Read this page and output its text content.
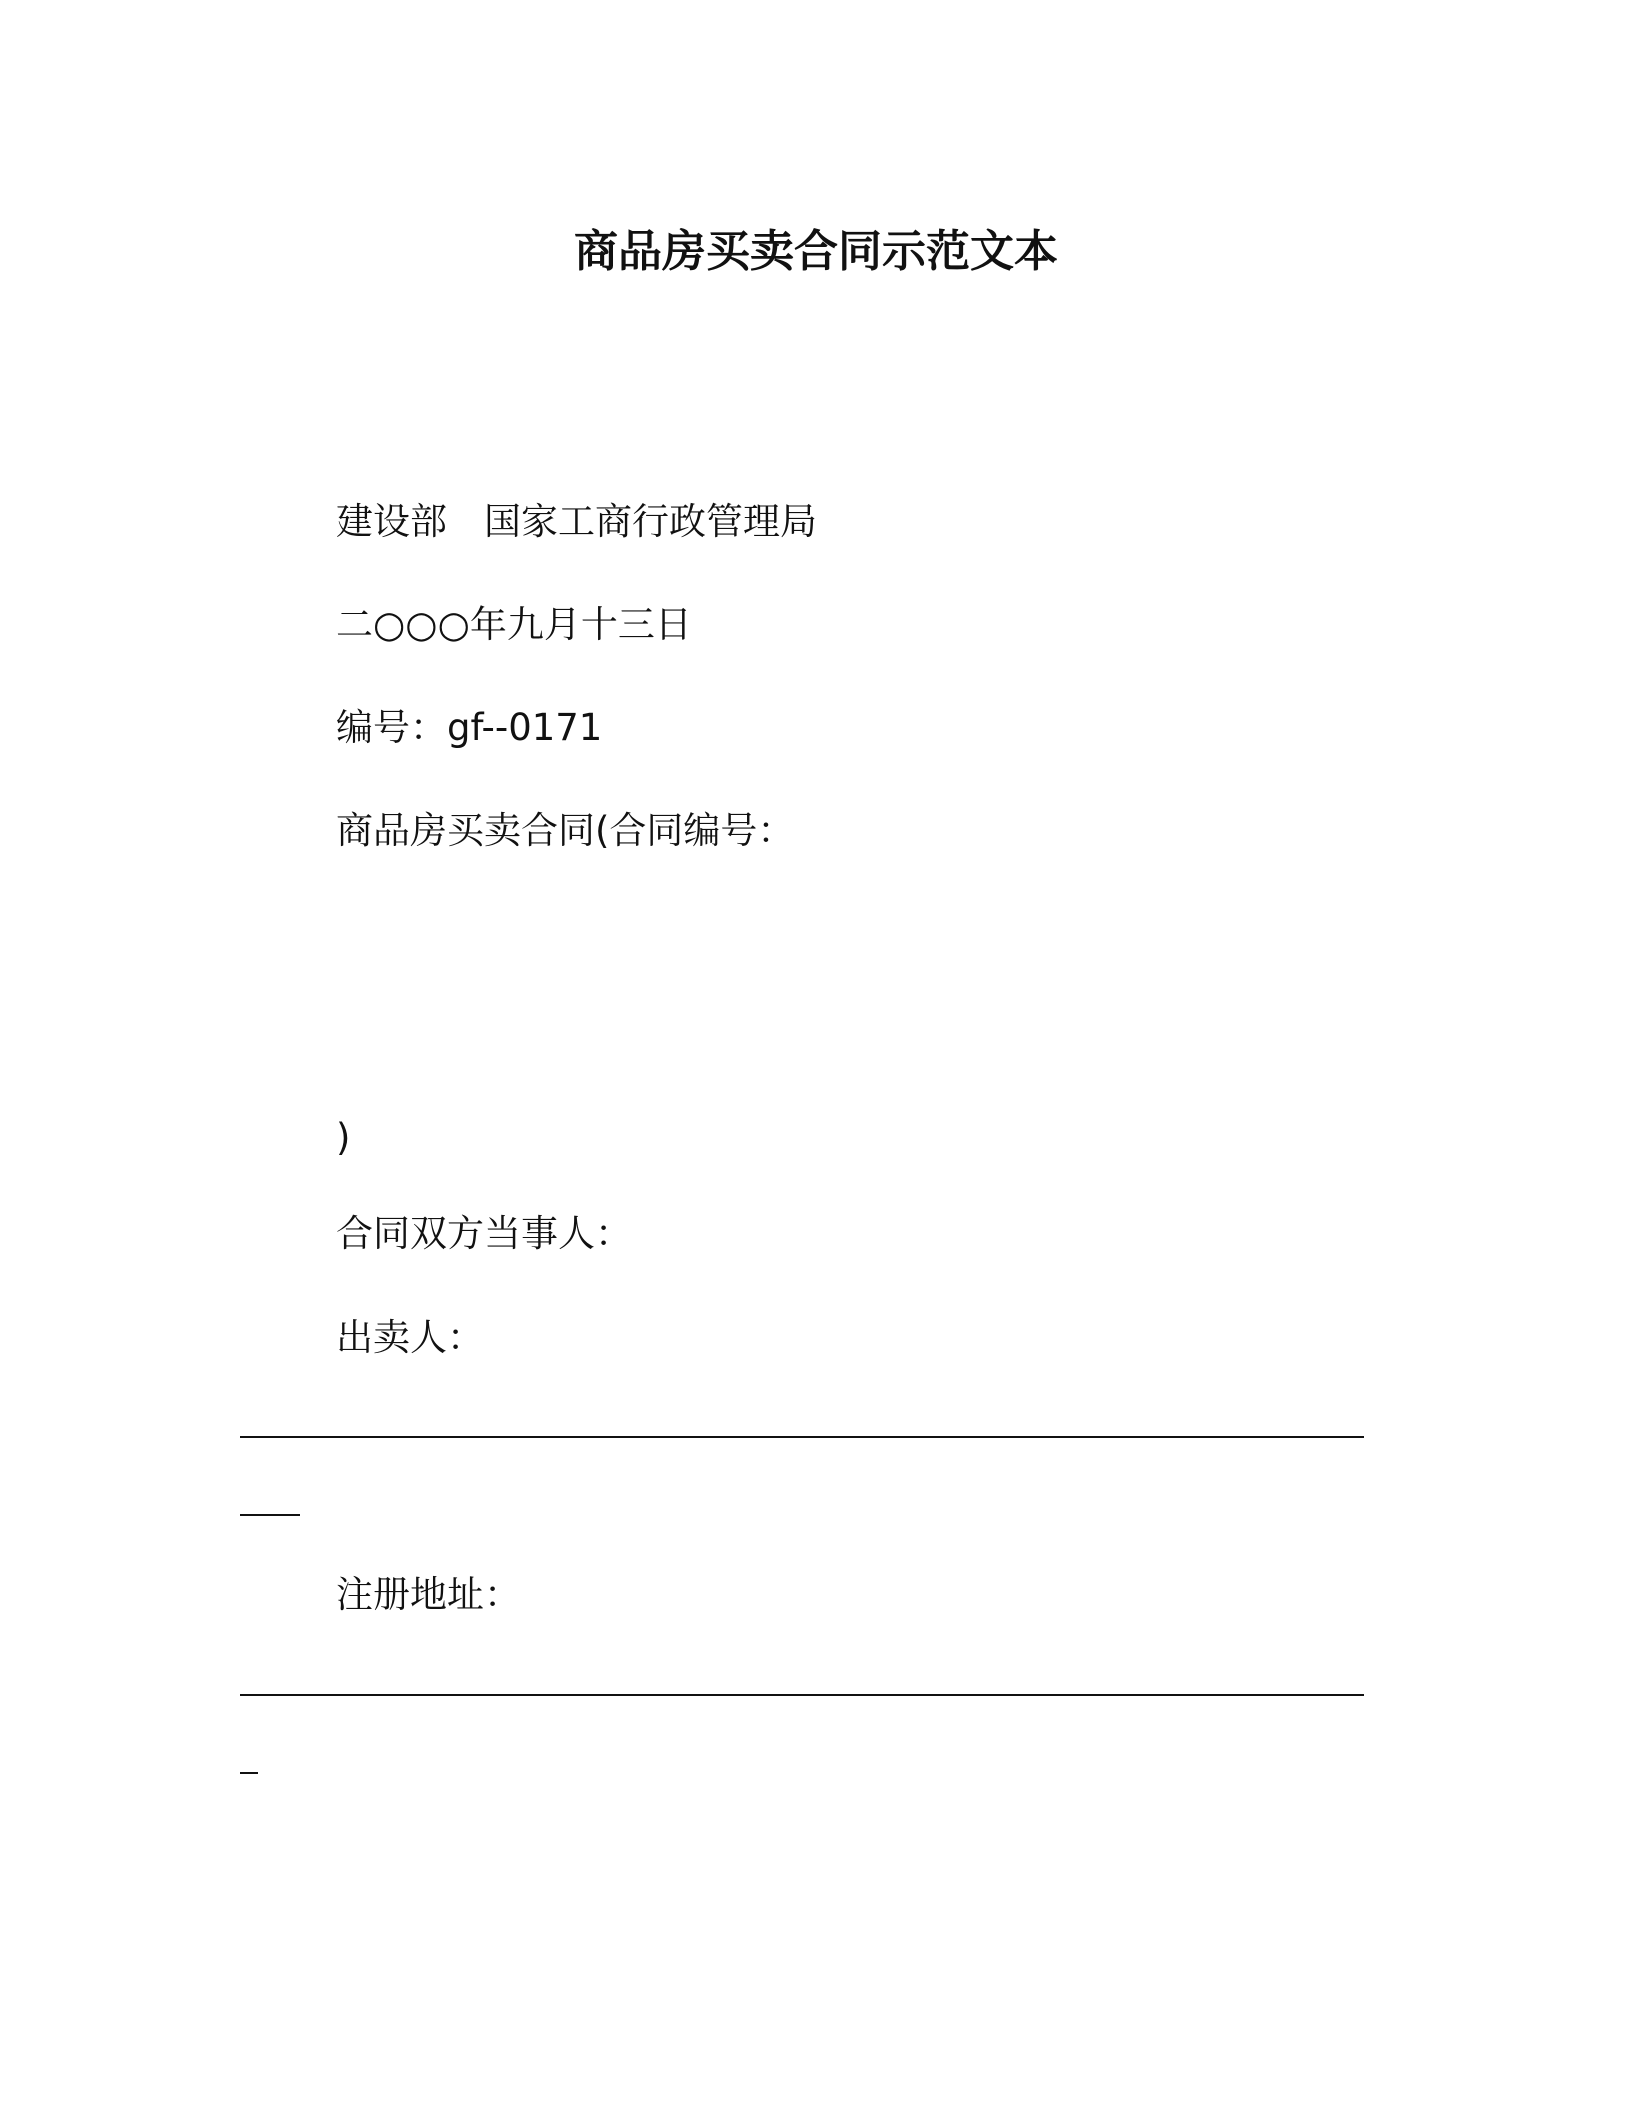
商品房买卖合同示范文本

建设部　国家工商行政管理局

二○○○年九月十三日

编号：gf--0171

商品房买卖合同(合同编号：

)

合同双方当事人：

出卖人：

注册地址：
